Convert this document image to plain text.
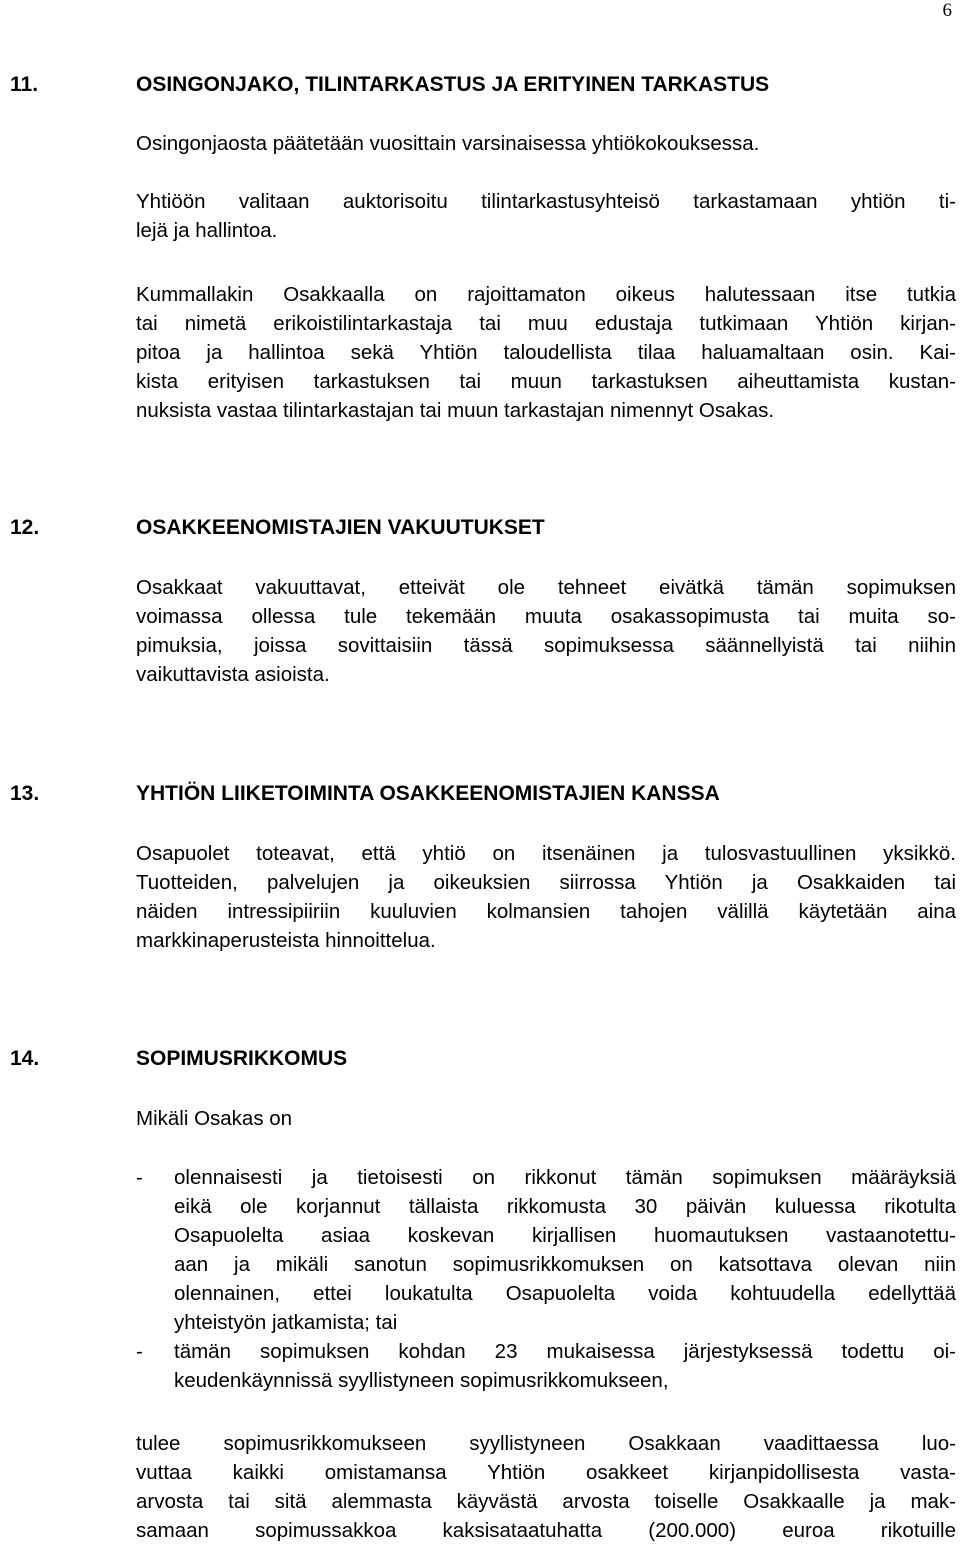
6
11.	OSINGONJAKO, TILINTARKASTUS JA ERITYINEN TARKASTUS
Osingonjaosta päätetään vuosittain varsinaisessa yhtiökokouksessa.
Yhtiöön valitaan auktorisoitu tilintarkastusyhteisö tarkastamaan yhtiön ti-
lejä ja hallintoa.
Kummallakin Osakkaalla on rajoittamaton oikeus halutessaan itse tutkia
tai nimetä erikoistilintarkastaja tai muu edustaja tutkimaan Yhtiön kirjan-
pitoa ja hallintoa sekä Yhtiön taloudellista tilaa haluamaltaan osin. Kai-
kista erityisen tarkastuksen tai muun tarkastuksen aiheuttamista kustan-
nuksista vastaa tilintarkastajan tai muun tarkastajan nimennyt Osakas.
12.	OSAKKEENOMISTAJIEN VAKUUTUKSET
Osakkaat vakuuttavat, etteivät ole tehneet eivätkä tämän sopimuksen
voimassa ollessa tule tekemään muuta osakassopimusta tai muita so-
pimuksia, joissa sovittaisiin tässä sopimuksessa säännellyistä tai niihin
vaikuttavista asioista.
13.	YHTIÖN LIIKETOIMINTA OSAKKEENOMISTAJIEN KANSSA
Osapuolet toteavat, että yhtiö on itsenäinen ja tulosvastuullinen yksikkö.
Tuotteiden, palvelujen ja oikeuksien siirrossa Yhtiön ja Osakkaiden tai
näiden intressipiiriin kuuluvien kolmansien tahojen välillä käytetään aina
markkinaperusteista hinnoittelua.
14.	SOPIMUSRIKKOMUS
Mikäli Osakas on
- olennaisesti ja tietoisesti on rikkonut tämän sopimuksen määräyksiä
eikä ole korjannut tällaista rikkomusta 30 päivän kuluessa rikotulta
Osapuolelta asiaa koskevan kirjallisen huomautuksen vastaanotettu-
aan ja mikäli sanotun sopimusrikkomuksen on katsottava olevan niin
olennainen, ettei loukatulta Osapuolelta voida kohtuudella edellyttää
yhteistyön jatkamista; tai
- tämän sopimuksen kohdan 23 mukaisessa järjestyksessä todettu oi-
keudenkäynnissä syyllistyneen sopimusrikkomukseen,
tulee sopimusrikkomukseen syyllistyneen Osakkaan vaadittaessa luo-
vuttaa kaikki omistamansa Yhtiön osakkeet kirjanpidollisesta vasta-
arvosta tai sitä alemmasta käyvästä arvosta toiselle Osakkaalle ja mak-
samaan sopimussakkoa kaksisataatuhatta (200.000) euroa rikotuille
